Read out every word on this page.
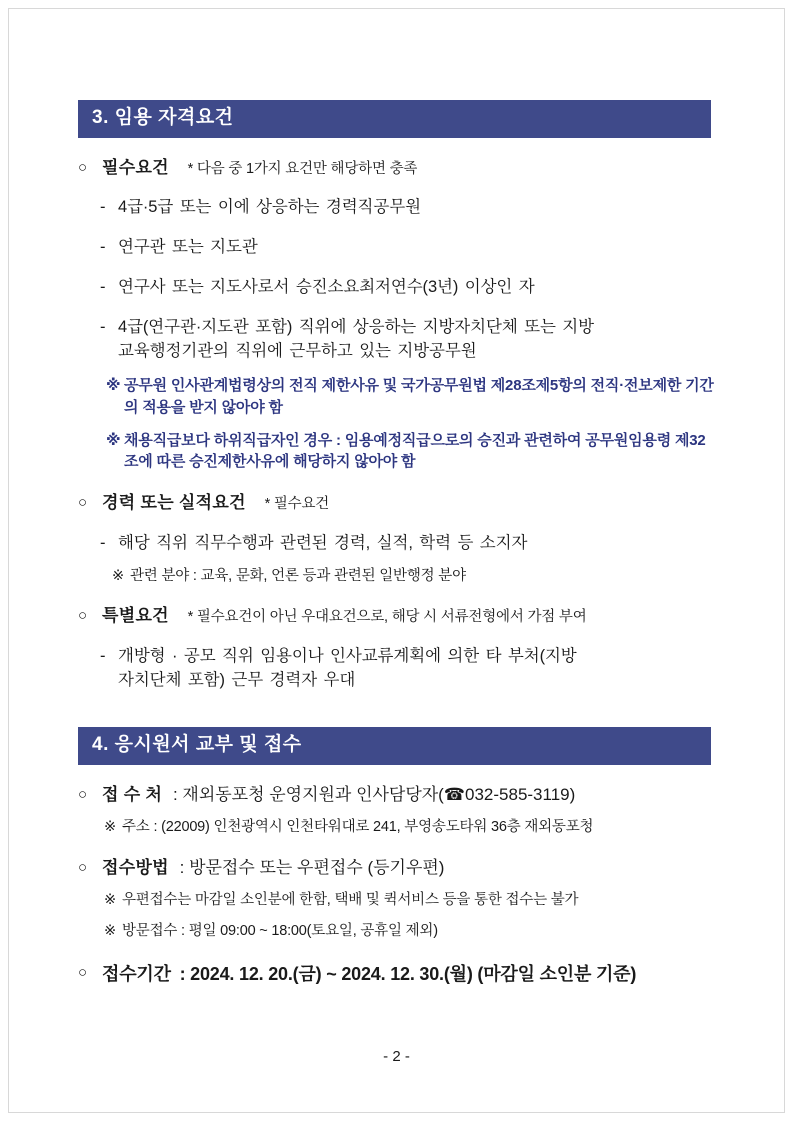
3. 임용 자격요건
○ 필수요건 * 다음 중 1가지 요건만 해당하면 충족
- 4급·5급 또는 이에 상응하는 경력직공무원
- 연구관 또는 지도관
- 연구사 또는 지도사로서 승진소요최저연수(3년) 이상인 자
- 4급(연구관·지도관 포함) 직위에 상응하는 지방자치단체 또는 지방
교육행정기관의 직위에 근무하고 있는 지방공무원
※ 공무원 인사관계법령상의 전직 제한사유 및 국가공무원법 제28조제5항의 전직·전보제한 기간의 적용을 받지 않아야 함
※ 채용직급보다 하위직급자인 경우 : 임용예정직급으로의 승진과 관련하여 공무원임용령 제32조에 따른 승진제한사유에 해당하지 않아야 함
○ 경력 또는 실적요건 * 필수요건
- 해당 직위 직무수행과 관련된 경력, 실적, 학력 등 소지자
※ 관련 분야 : 교육, 문화, 언론 등과 관련된 일반행정 분야
○ 특별요건 * 필수요건이 아닌 우대요건으로, 해당 시 서류전형에서 가점 부여
- 개방형 · 공모 직위 임용이나 인사교류계획에 의한 타 부처(지방
자치단체 포함) 근무 경력자 우대
4. 응시원서 교부 및 접수
○ 접 수 처 : 재외동포청 운영지원과 인사담당자(☎032-585-3119)
※ 주소 : (22009) 인천광역시 인천타워대로 241, 부영송도타워 36층 재외동포청
○ 접수방법 : 방문접수 또는 우편접수 (등기우편)
※ 우편접수는 마감일 소인분에 한함, 택배 및 퀵서비스 등을 통한 접수는 불가
※ 방문접수 : 평일 09:00 ~ 18:00(토요일, 공휴일 제외)
○ 접수기간 : 2024. 12. 20.(금) ~ 2024. 12. 30.(월) (마감일 소인분 기준)
- 2 -
